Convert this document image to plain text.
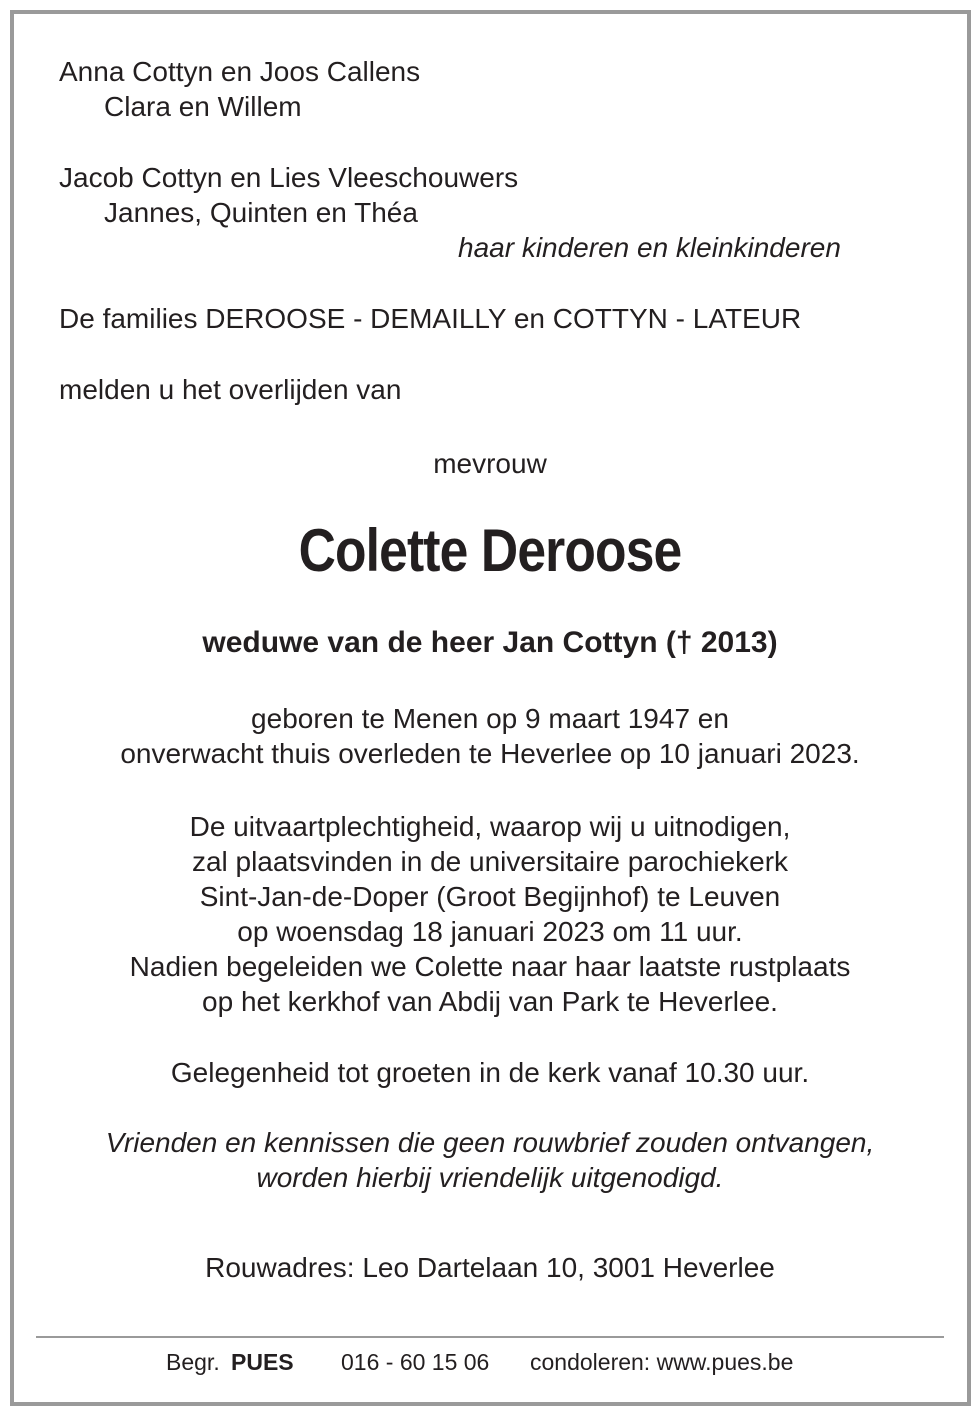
Anna Cottyn en Joos Callens
Clara en Willem
Jacob Cottyn en Lies Vleeschouwers
Jannes, Quinten en Théa
haar kinderen en kleinkinderen
De families DEROOSE - DEMAILLY en COTTYN - LATEUR
melden u het overlijden van
mevrouw
Colette Deroose
weduwe van de heer Jan Cottyn († 2013)
geboren te Menen op 9 maart 1947 en
onverwacht thuis overleden te Heverlee op 10 januari 2023.
De uitvaartplechtigheid, waarop wij u uitnodigen,
zal plaatsvinden in de universitaire parochiekerk
Sint-Jan-de-Doper (Groot Begijnhof) te Leuven
op woensdag 18 januari 2023 om 11 uur.
Nadien begeleiden we Colette naar haar laatste rustplaats
op het kerkhof van Abdij van Park te Heverlee.
Gelegenheid tot groeten in de kerk vanaf 10.30 uur.
Vrienden en kennissen die geen rouwbrief zouden ontvangen,
worden hierbij vriendelijk uitgenodigd.
Rouwadres: Leo Dartelaan 10, 3001 Heverlee
Begr. PUES 016 - 60 15 06 condoleren: www.pues.be
